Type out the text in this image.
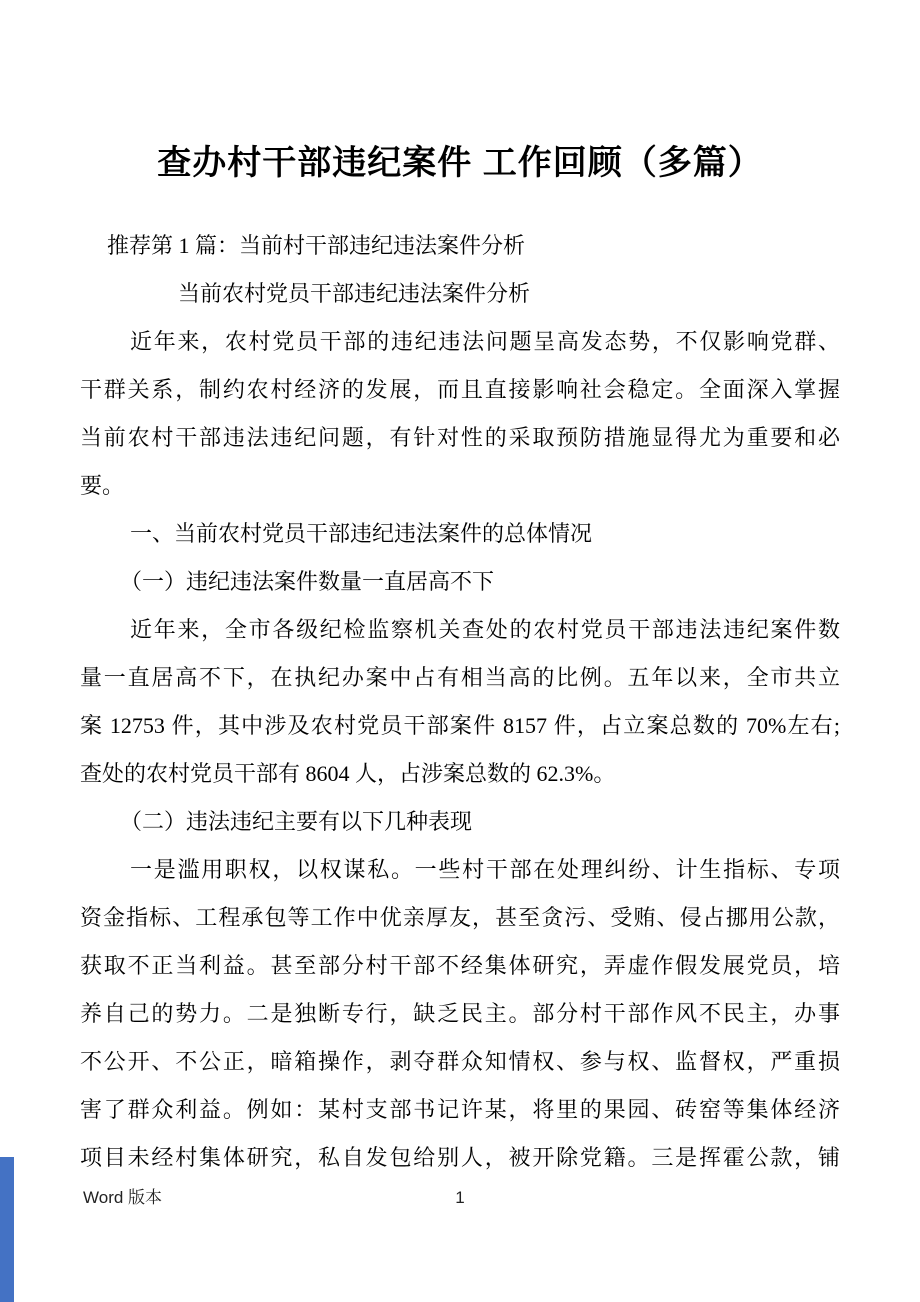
查办村干部违纪案件 工作回顾（多篇）
推荐第 1 篇：当前村干部违纪违法案件分析
当前农村党员干部违纪违法案件分析
近年来，农村党员干部的违纪违法问题呈高发态势，不仅影响党群、
干群关系，制约农村经济的发展，而且直接影响社会稳定。全面深入掌握
当前农村干部违法违纪问题，有针对性的采取预防措施显得尤为重要和必
要。
一、当前农村党员干部违纪违法案件的总体情况
（一）违纪违法案件数量一直居高不下
近年来，全市各级纪检监察机关查处的农村党员干部违法违纪案件数
量一直居高不下，在执纪办案中占有相当高的比例。五年以来，全市共立
案 12753 件，其中涉及农村党员干部案件 8157 件，占立案总数的 70%左右;
查处的农村党员干部有 8604 人，占涉案总数的 62.3%。
（二）违法违纪主要有以下几种表现
一是滥用职权，以权谋私。一些村干部在处理纠纷、计生指标、专项
资金指标、工程承包等工作中优亲厚友，甚至贪污、受贿、侵占挪用公款，
获取不正当利益。甚至部分村干部不经集体研究，弄虚作假发展党员，培
养自己的势力。二是独断专行，缺乏民主。部分村干部作风不民主，办事
不公开、不公正，暗箱操作，剥夺群众知情权、参与权、监督权，严重损
害了群众利益。例如：某村支部书记许某，将里的果园、砖窑等集体经济
项目未经村集体研究，私自发包给别人，被开除党籍。三是挥霍公款，铺
Word 版本	1
